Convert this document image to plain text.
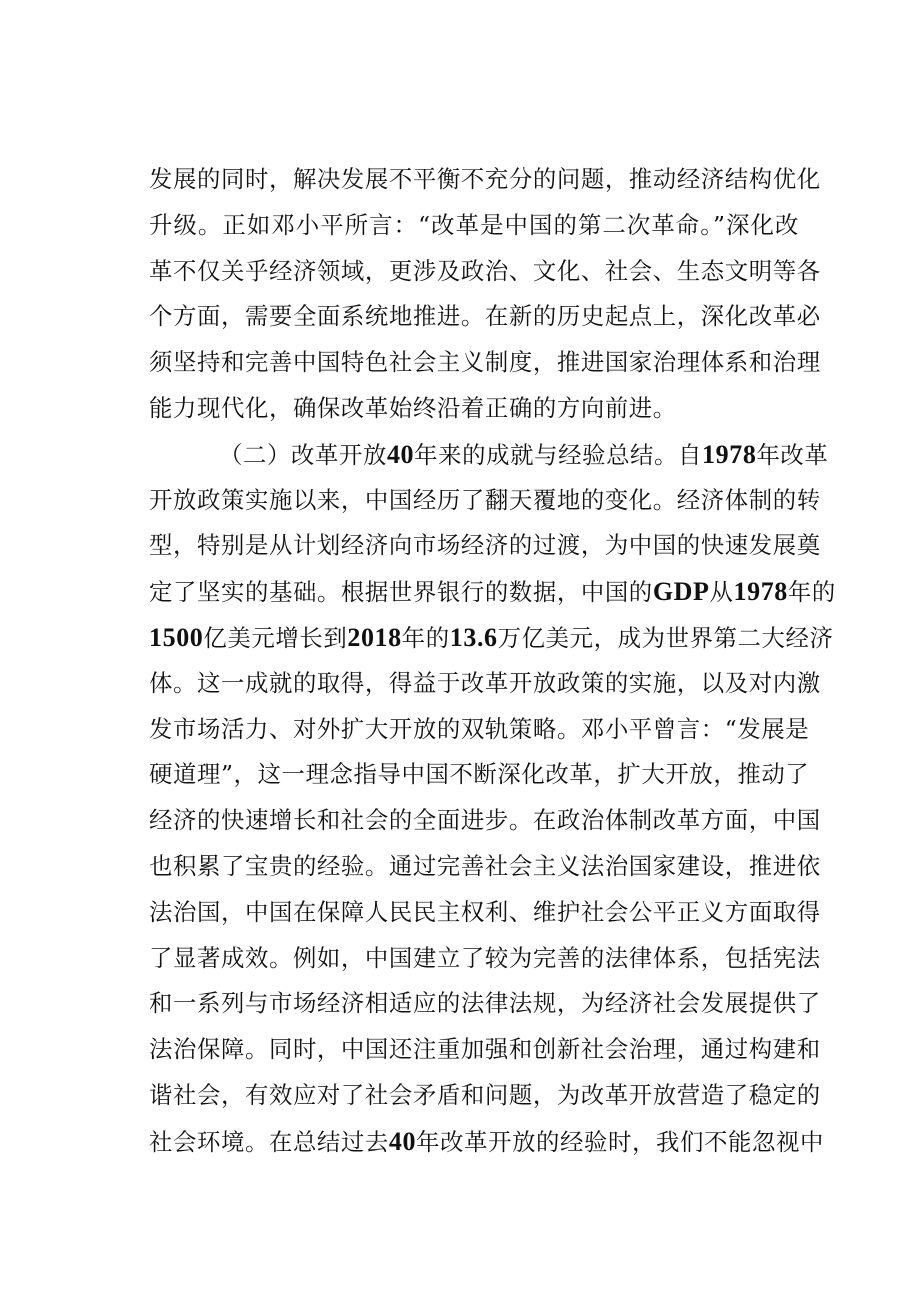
发展的同时，解决发展不平衡不充分的问题，推动经济结构优化
升级。正如邓小平所言：“改革是中国的第二次革命。”深化改
革不仅关乎经济领域，更涉及政治、文化、社会、生态文明等各
个方面，需要全面系统地推进。在新的历史起点上，深化改革必
须坚持和完善中国特色社会主义制度，推进国家治理体系和治理
能力现代化，确保改革始终沿着正确的方向前进。
（二）改革开放40年来的成就与经验总结。自1978年改革
开放政策实施以来，中国经历了翻天覆地的变化。经济体制的转
型，特别是从计划经济向市场经济的过渡，为中国的快速发展奠
定了坚实的基础。根据世界银行的数据，中国的GDP从1978年的
1500亿美元增长到2018年的13.6万亿美元，成为世界第二大经济
体。这一成就的取得，得益于改革开放政策的实施，以及对内激
发市场活力、对外扩大开放的双轨策略。邓小平曾言：“发展是
硬道理”，这一理念指导中国不断深化改革，扩大开放，推动了
经济的快速增长和社会的全面进步。在政治体制改革方面，中国
也积累了宝贵的经验。通过完善社会主义法治国家建设，推进依
法治国，中国在保障人民民主权利、维护社会公平正义方面取得
了显著成效。例如，中国建立了较为完善的法律体系，包括宪法
和一系列与市场经济相适应的法律法规，为经济社会发展提供了
法治保障。同时，中国还注重加强和创新社会治理，通过构建和
谐社会，有效应对了社会矛盾和问题，为改革开放营造了稳定的
社会环境。在总结过去40年改革开放的经验时，我们不能忽视中
